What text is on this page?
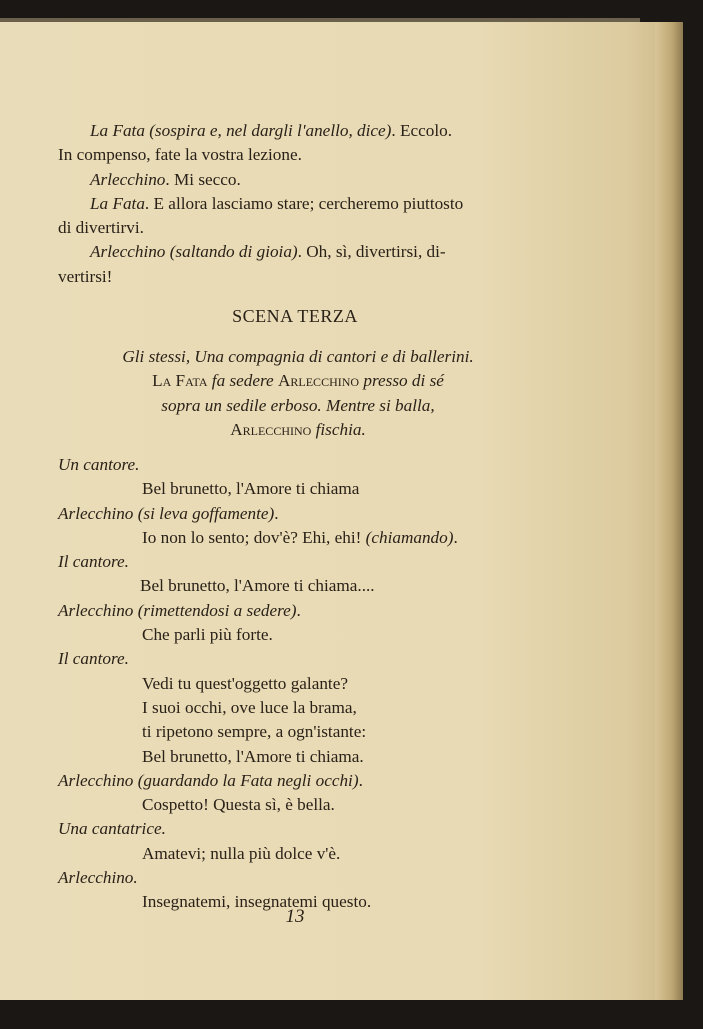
La Fata (sospira e, nel dargli l'anello, dice). Eccolo.
In compenso, fate la vostra lezione.
Arlecchino. Mi secco.
La Fata. E allora lasciamo stare; cercheremo piuttosto
di divertirvi.
Arlecchino (saltando di gioia). Oh, sì, divertirsi, di-
vertirsi!
SCENA TERZA
Gli stessi, Una compagnia di cantori e di ballerini.
La Fata fa sedere Arlecchino presso di sé
sopra un sedile erboso. Mentre si balla,
Arlecchino fischia.
Un cantore.
Bel brunetto, l'Amore ti chiama
Arlecchino (si leva goffamente).
Io non lo sento; dov'è? Ehi, ehi! (chiamando).
Il cantore.
Bel brunetto, l'Amore ti chiama....
Arlecchino (rimettendosi a sedere).
Che parli più forte.
Il cantore.
Vedi tu quest'oggetto galante?
I suoi occhi, ove luce la brama,
ti ripetono sempre, a ogn'istante:
Bel brunetto, l'Amore ti chiama.
Arlecchino (guardando la Fata negli occhi).
Cospetto! Questa sì, è bella.
Una cantatrice.
Amatevi; nulla più dolce v'è.
Arlecchino.
Insegnatemi, insegnatemi questo.
13
